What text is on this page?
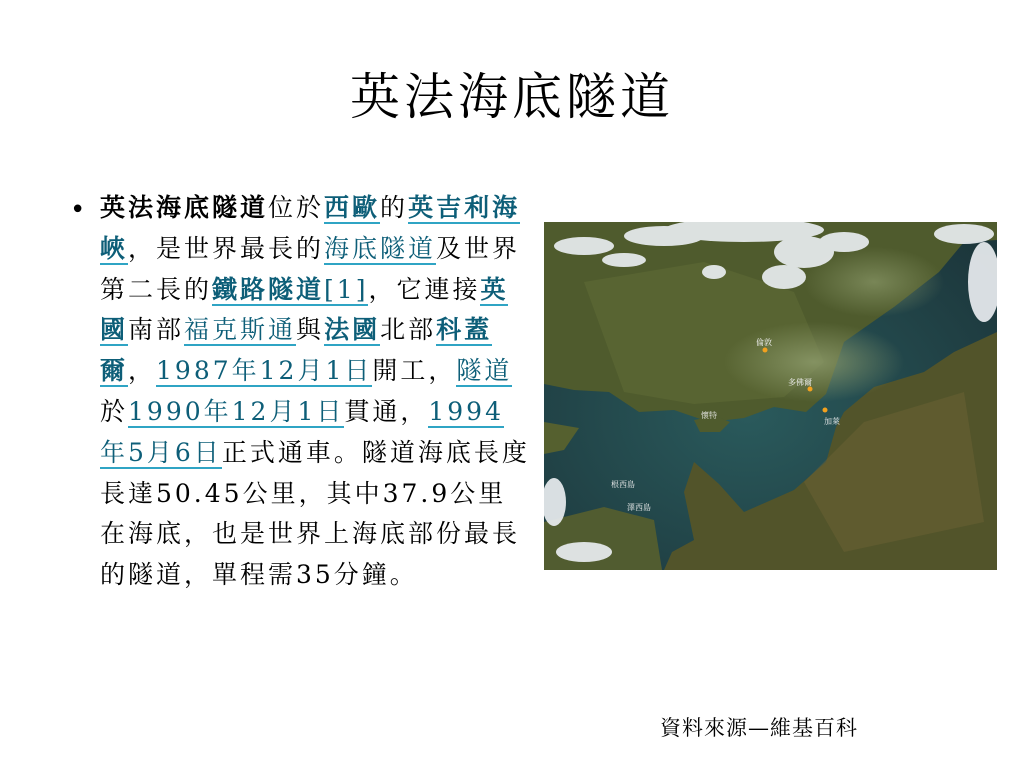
英法海底隧道
• 英法海底隧道位於西歐的英吉利海峽，是世界最長的海底隧道及世界第二長的鐵路隧道[1]，它連接英國南部福克斯通與法國北部科蓋爾，1987年12月1日開工，隧道於1990年12月1日貫通，1994年5月6日正式通車。隧道海底長度長達50.45公里，其中37.9公里在海底，也是世界上海底部份最長的隧道，單程需35分鐘。
倫敦
多佛爾
加萊
懷特
根西島
澤西島
資料來源—維基百科
